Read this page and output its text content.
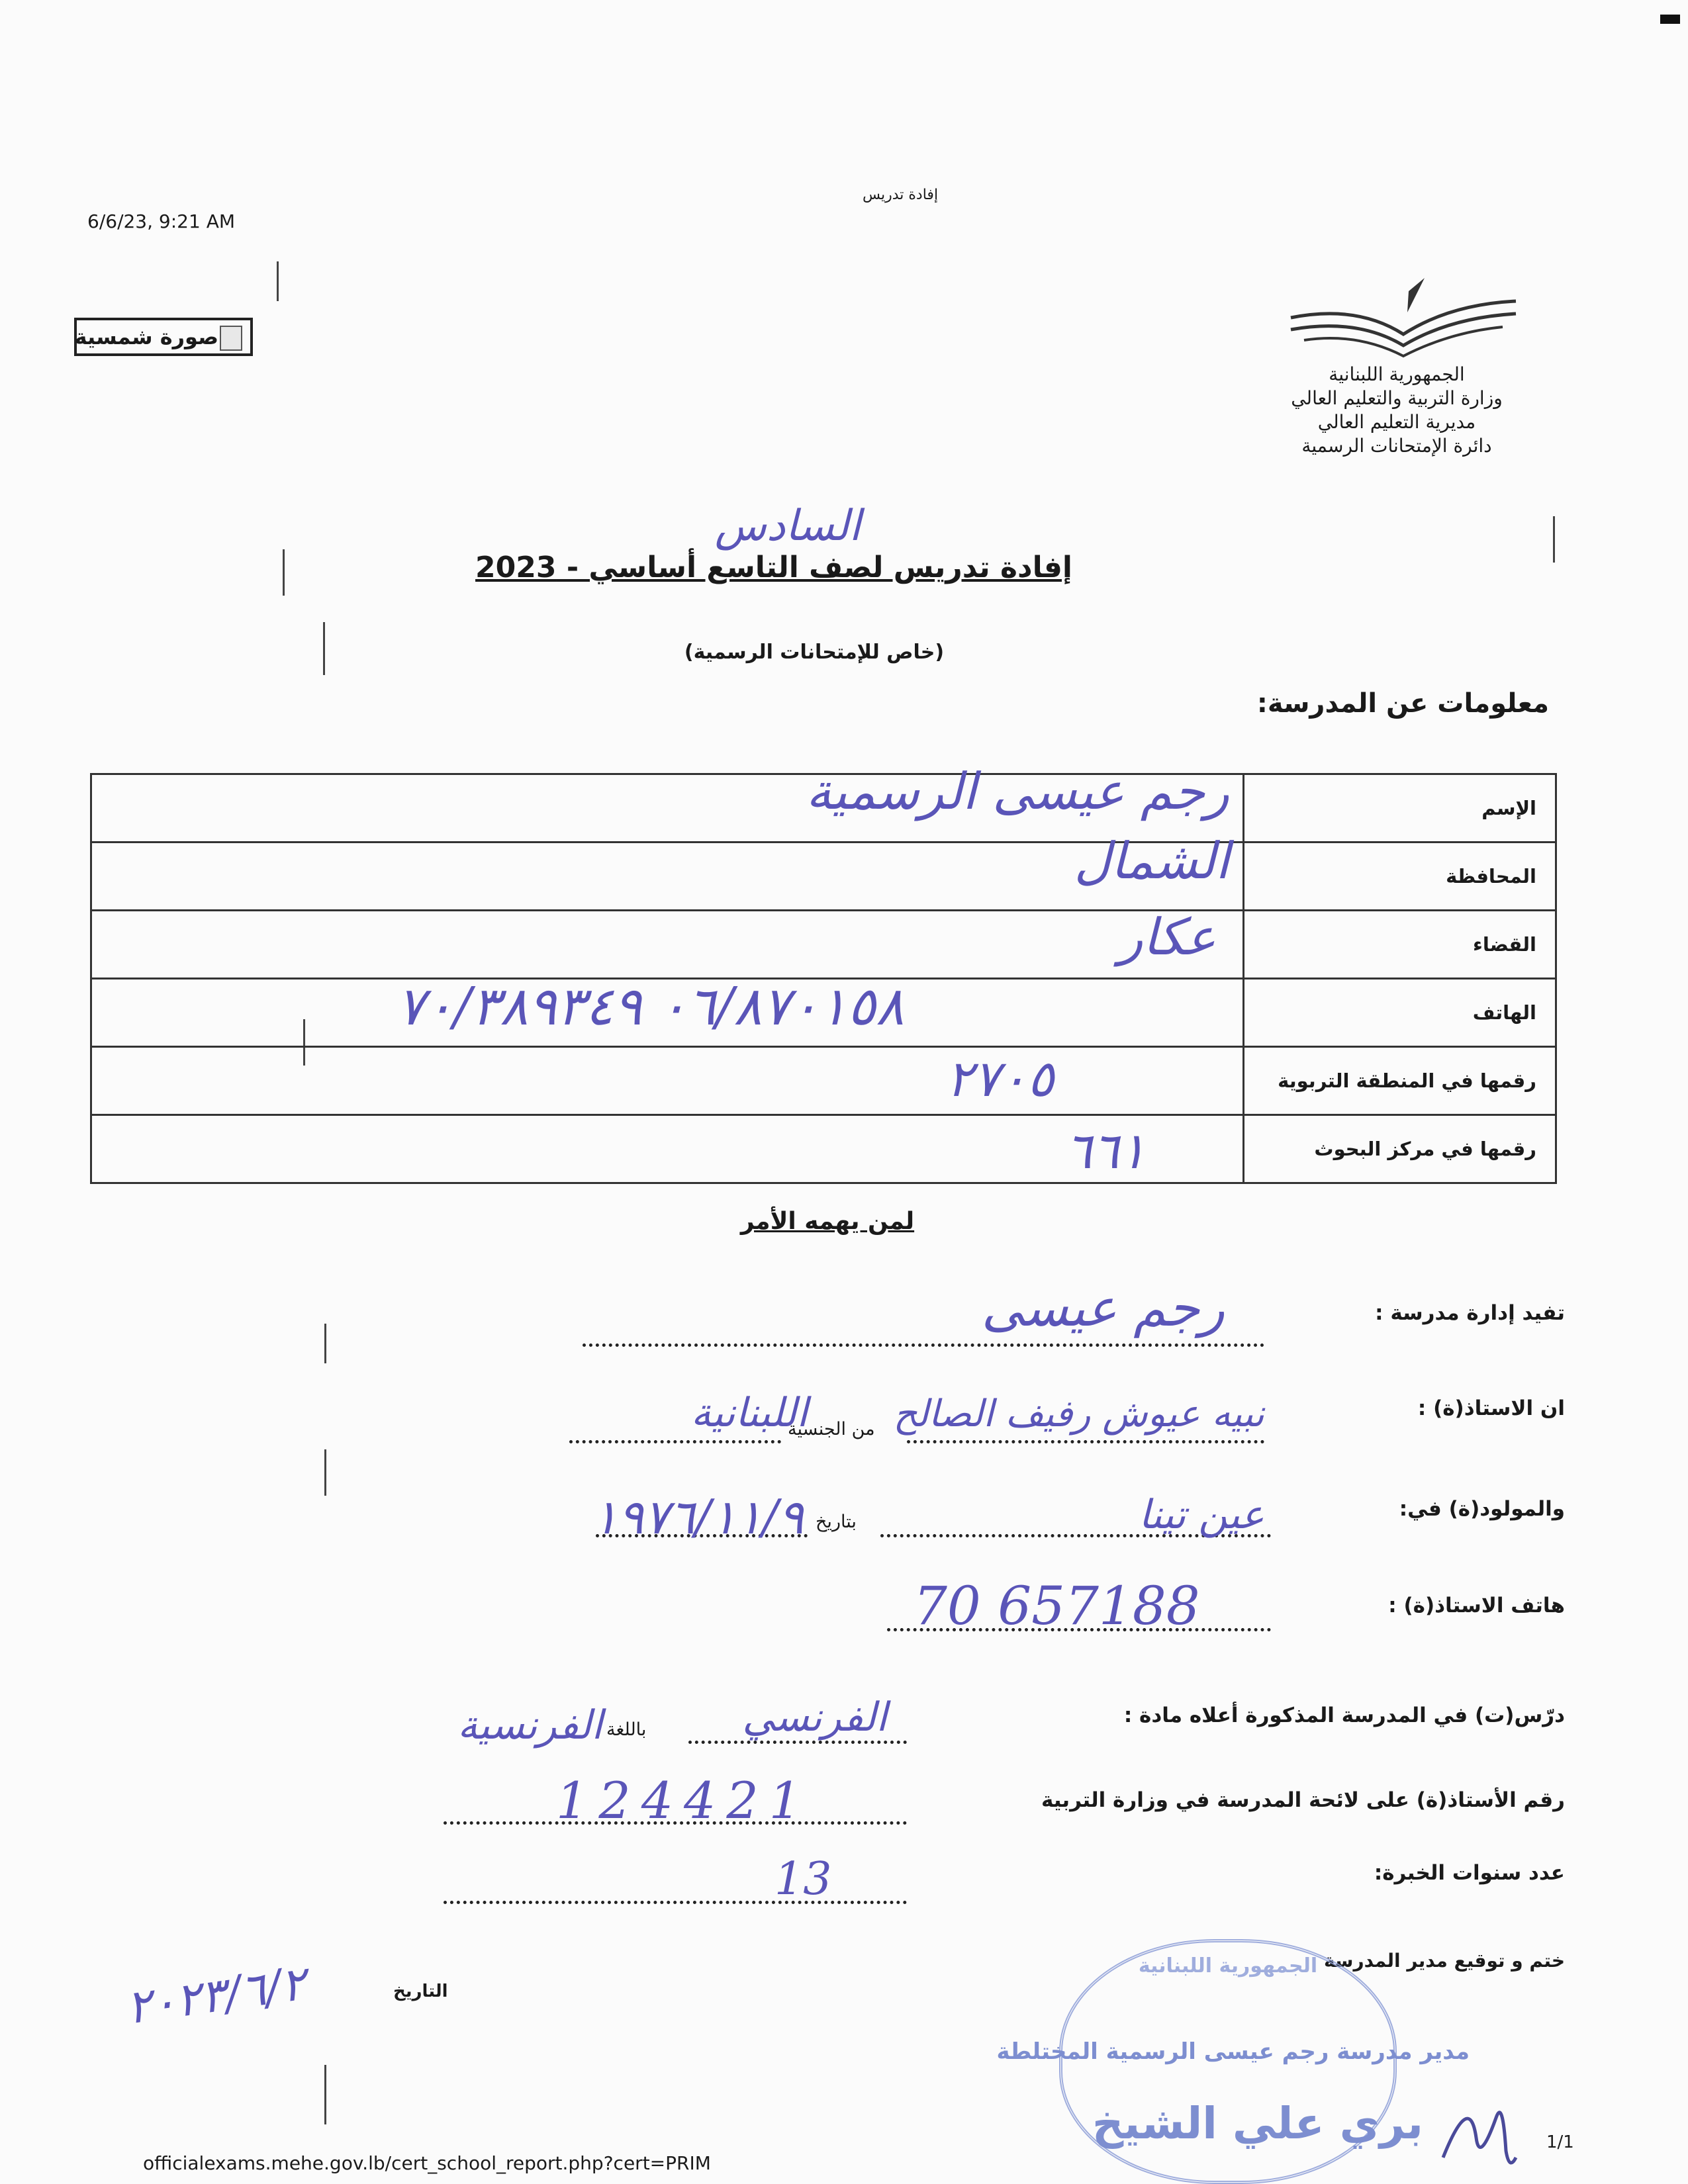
6/6/23, 9:21 AM
إفادة تدريس
صورة شمسية
الجمهورية اللبنانية
وزارة التربية والتعليم العالي
مديرية التعليم العالي
دائرة الإمتحانات الرسمية
السادس
إفادة تدريس لصف التاسع أساسي - 2023
(خاص للإمتحانات الرسمية)
معلومات عن المدرسة:
رجم عيسى الرسمية	الإسم

الشمال	المحافظة

عكار	القضاء

٠٦/٨٧٠١٥٨ ٧٠/٣٨٩٣٤٩	الهاتف

٢٧٠٥	رقمها في المنطقة التربوية

٦٦١	رقمها في مركز البحوث
لمن يهمه الأمر
تفيد إدارة مدرسة :
رجم عيسى
ان الاستاذ(ة) :
نبيه عيوش رفيف الصالح
من الجنسية
اللبنانية
والمولود(ة) في:
عين تينا
بتاريخ
١٩٧٦/١١/٩
هاتف الاستاذ(ة) :
70 657188
درّس(ت) في المدرسة المذكورة أعلاه مادة :
الفرنسي
باللغة
الفرنسية
رقم الأستاذ(ة) على لائحة المدرسة في وزارة التربية
124421
عدد سنوات الخبرة:
13
ختم و توقيع مدير المدرسة
التاريخ
٢٠٢٣/٦/٢	الجمهورية اللبنانية
مدير مدرسة رجم عيسى الرسمية المختلطة
بري علي الشيخ
officialexams.mehe.gov.lb/cert_school_report.php?cert=PRIM
1/1
